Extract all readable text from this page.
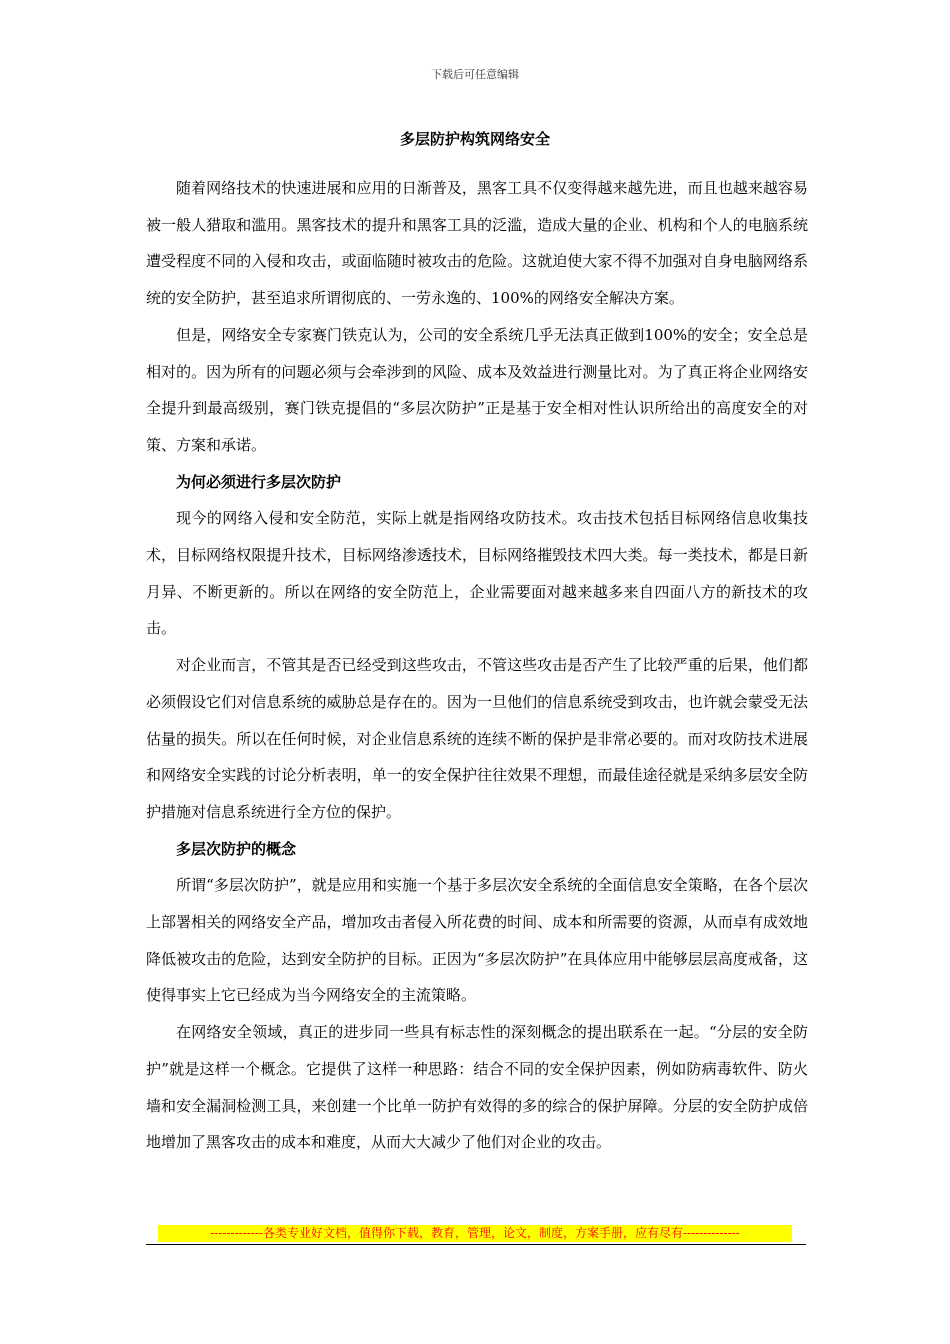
下载后可任意编辑
多层防护构筑网络安全

随着网络技术的快速进展和应用的日渐普及，黑客工具不仅变得越来越先进，而且也越来越容易被一般人猎取和滥用。黑客技术的提升和黑客工具的泛滥，造成大量的企业、机构和个人的电脑系统遭受程度不同的入侵和攻击，或面临随时被攻击的危险。这就迫使大家不得不加强对自身电脑网络系统的安全防护，甚至追求所谓彻底的、一劳永逸的、100%的网络安全解决方案。

但是，网络安全专家赛门铁克认为，公司的安全系统几乎无法真正做到100%的安全；安全总是相对的。因为所有的问题必须与会牵涉到的风险、成本及效益进行测量比对。为了真正将企业网络安全提升到最高级别，赛门铁克提倡的“多层次防护”正是基于安全相对性认识所给出的高度安全的对策、方案和承诺。

为何必须进行多层次防护

现今的网络入侵和安全防范，实际上就是指网络攻防技术。攻击技术包括目标网络信息收集技术，目标网络权限提升技术，目标网络渗透技术，目标网络摧毁技术四大类。每一类技术，都是日新月异、不断更新的。所以在网络的安全防范上，企业需要面对越来越多来自四面八方的新技术的攻击。

对企业而言，不管其是否已经受到这些攻击，不管这些攻击是否产生了比较严重的后果，他们都必须假设它们对信息系统的威胁总是存在的。因为一旦他们的信息系统受到攻击，也许就会蒙受无法估量的损失。所以在任何时候，对企业信息系统的连续不断的保护是非常必要的。而对攻防技术进展和网络安全实践的讨论分析表明，单一的安全保护往往效果不理想，而最佳途径就是采纳多层安全防护措施对信息系统进行全方位的保护。

多层次防护的概念

所谓“多层次防护”，就是应用和实施一个基于多层次安全系统的全面信息安全策略，在各个层次上部署相关的网络安全产品，增加攻击者侵入所花费的时间、成本和所需要的资源，从而卓有成效地降低被攻击的危险，达到安全防护的目标。正因为“多层次防护”在具体应用中能够层层高度戒备，这使得事实上它已经成为当今网络安全的主流策略。

在网络安全领域，真正的进步同一些具有标志性的深刻概念的提出联系在一起。“分层的安全防护”就是这样一个概念。它提供了这样一种思路：结合不同的安全保护因素，例如防病毒软件、防火墙和安全漏洞检测工具，来创建一个比单一防护有效得的多的综合的保护屏障。分层的安全防护成倍地增加了黑客攻击的成本和难度，从而大大减少了他们对企业的攻击。

-------------各类专业好文档，值得你下载，教育，管理，论文，制度，方案手册，应有尽有--------------
